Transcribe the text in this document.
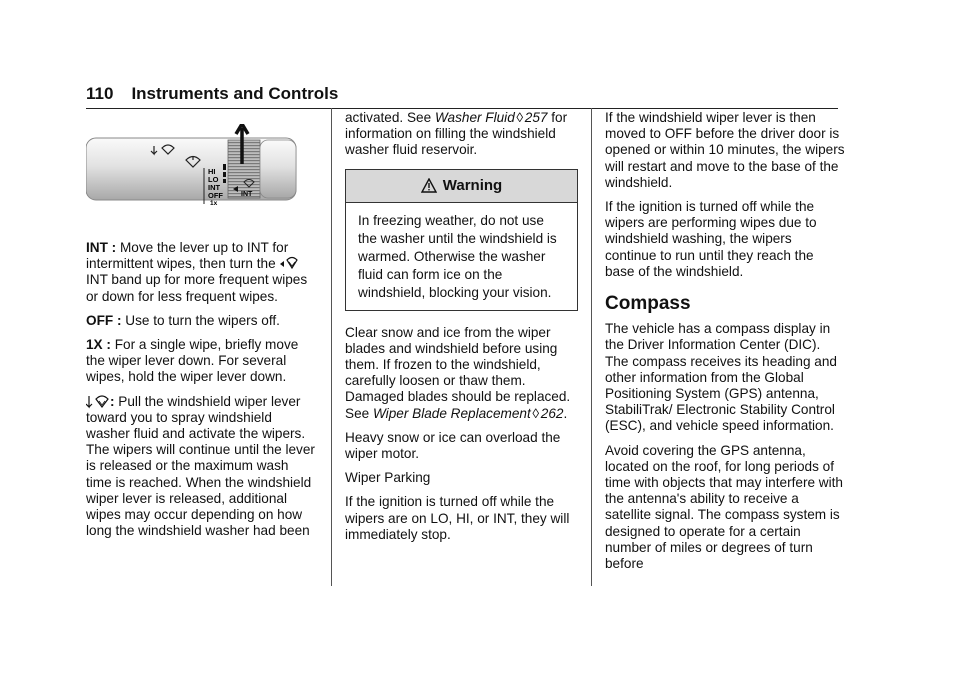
110 Instruments and Controls
HI
LO
INT
OFF
1x
INT

INT : Move the lever up to INT for intermittent wipes, then turn the
INT band up for more frequent wipes or down for less frequent wipes.

OFF : Use to turn the wipers off.

1X : For a single wipe, briefly move the wiper lever down. For several wipes, hold the wiper lever down.

: Pull the windshield wiper lever toward you to spray windshield washer fluid and activate the wipers. The wipers will continue until the lever is released or the maximum wash time is reached. When the windshield wiper lever is released, additional wipes may occur depending on how long the windshield washer had been

activated. See Washer Fluid ◊ 257 for information on filling the windshield washer fluid reservoir.

Warning
In freezing weather, do not use the washer until the windshield is warmed. Otherwise the washer fluid can form ice on the windshield, blocking your vision.

Clear snow and ice from the wiper blades and windshield before using them. If frozen to the windshield, carefully loosen or thaw them. Damaged blades should be replaced. See Wiper Blade Replacement ◊ 262.

Heavy snow or ice can overload the wiper motor.

Wiper Parking

If the ignition is turned off while the wipers are on LO, HI, or INT, they will immediately stop.

If the windshield wiper lever is then moved to OFF before the driver door is opened or within 10 minutes, the wipers will restart and move to the base of the windshield.

If the ignition is turned off while the wipers are performing wipes due to windshield washing, the wipers continue to run until they reach the base of the windshield.

Compass

The vehicle has a compass display in the Driver Information Center (DIC). The compass receives its heading and other information from the Global Positioning System (GPS) antenna, StabiliTrak/ Electronic Stability Control (ESC), and vehicle speed information.

Avoid covering the GPS antenna, located on the roof, for long periods of time with objects that may interfere with the antenna's ability to receive a satellite signal. The compass system is designed to operate for a certain number of miles or degrees of turn before
